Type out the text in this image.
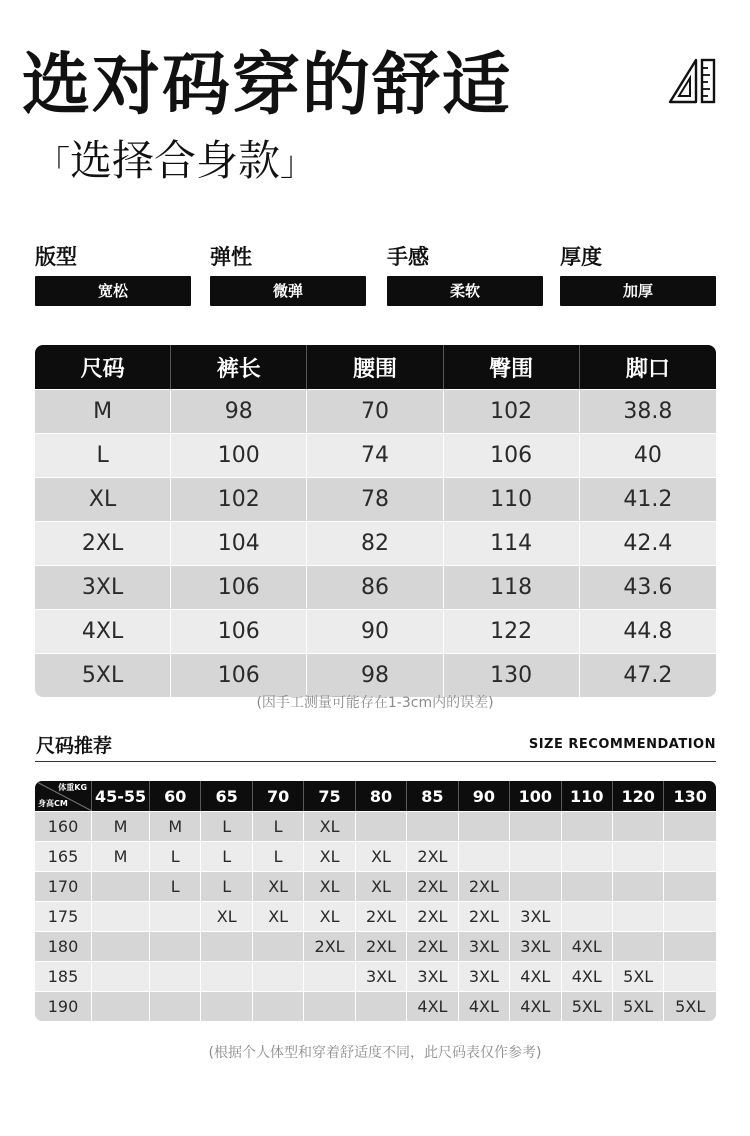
选对码穿的舒适
「选择合身款」
版型
宽松
弹性
微弹
手感
柔软
厚度
加厚
尺码	裤长	腰围	臀围	脚口
M	98	70	102	38.8
L	100	74	106	40
XL	102	78	110	41.2
2XL	104	82	114	42.4
3XL	106	86	118	43.6
4XL	106	90	122	44.8
5XL	106	98	130	47.2
(因手工测量可能存在1-3cm内的误差)
尺码推荐	SIZE RECOMMENDATION
体重KG
身高CM	45-55	60	65	70	75	80	85	90	100	110	120	130
160	M	M	L	L	XL							
165	M	L	L	L	XL	XL	2XL					
170		L	L	XL	XL	XL	2XL	2XL				
175			XL	XL	XL	2XL	2XL	2XL	3XL			
180					2XL	2XL	2XL	3XL	3XL	4XL		
185						3XL	3XL	3XL	4XL	4XL	5XL	
190							4XL	4XL	4XL	5XL	5XL	5XL
(根据个人体型和穿着舒适度不同，此尺码表仅作参考)
